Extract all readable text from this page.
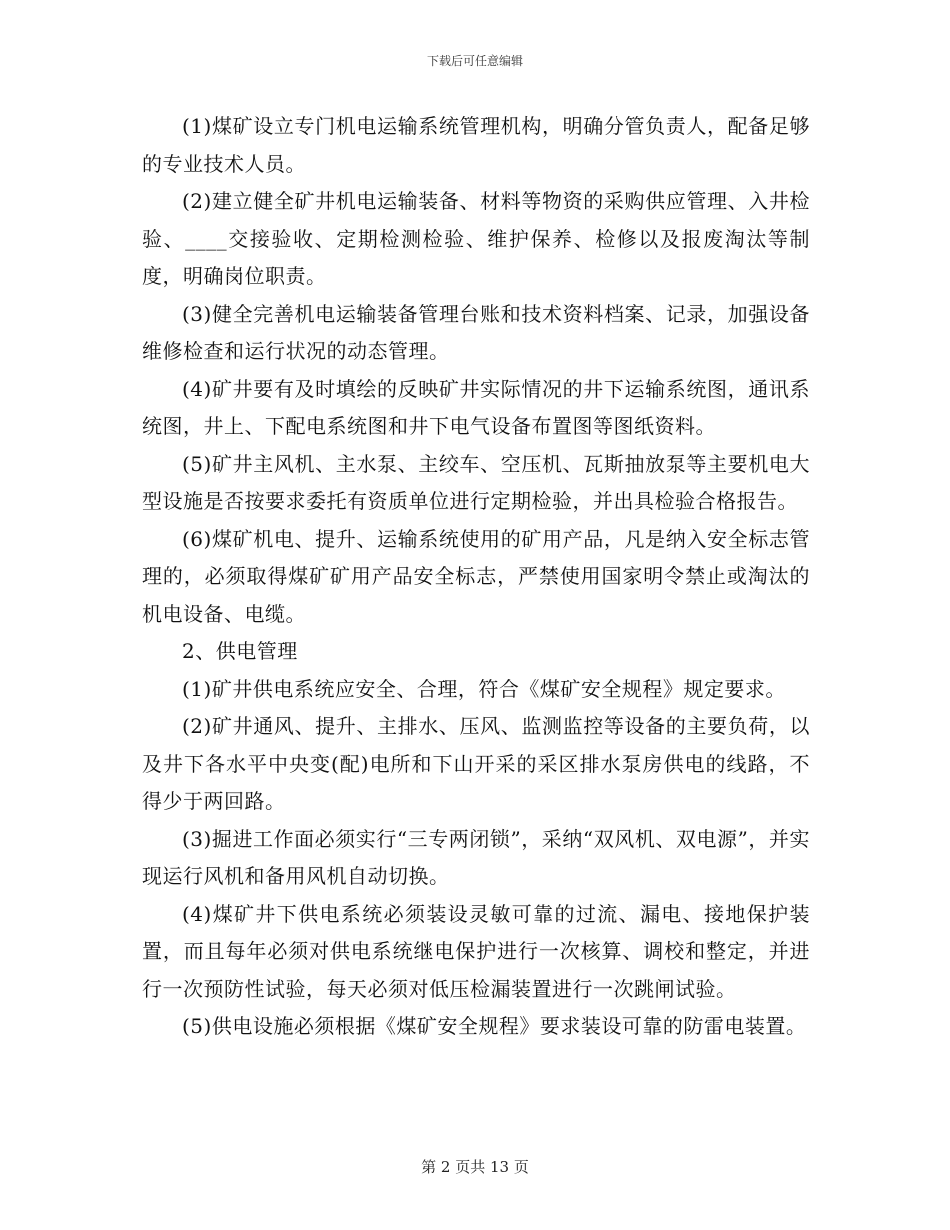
下载后可任意编辑

(1)煤矿设立专门机电运输系统管理机构，明确分管负责人，配备足够的专业技术人员。

(2)建立健全矿井机电运输装备、材料等物资的采购供应管理、入井检验、____交接验收、定期检测检验、维护保养、检修以及报废淘汰等制度，明确岗位职责。

(3)健全完善机电运输装备管理台账和技术资料档案、记录，加强设备维修检查和运行状况的动态管理。

(4)矿井要有及时填绘的反映矿井实际情况的井下运输系统图，通讯系统图，井上、下配电系统图和井下电气设备布置图等图纸资料。

(5)矿井主风机、主水泵、主绞车、空压机、瓦斯抽放泵等主要机电大型设施是否按要求委托有资质单位进行定期检验，并出具检验合格报告。

(6)煤矿机电、提升、运输系统使用的矿用产品，凡是纳入安全标志管理的，必须取得煤矿矿用产品安全标志，严禁使用国家明令禁止或淘汰的机电设备、电缆。

2、供电管理

(1)矿井供电系统应安全、合理，符合《煤矿安全规程》规定要求。

(2)矿井通风、提升、主排水、压风、监测监控等设备的主要负荷，以及井下各水平中央变(配)电所和下山开采的采区排水泵房供电的线路，不得少于两回路。

(3)掘进工作面必须实行“三专两闭锁”，采纳“双风机、双电源”，并实现运行风机和备用风机自动切换。

(4)煤矿井下供电系统必须装设灵敏可靠的过流、漏电、接地保护装置，而且每年必须对供电系统继电保护进行一次核算、调校和整定，并进行一次预防性试验，每天必须对低压检漏装置进行一次跳闸试验。

(5)供电设施必须根据《煤矿安全规程》要求装设可靠的防雷电装置。

第 2 页共 13 页
